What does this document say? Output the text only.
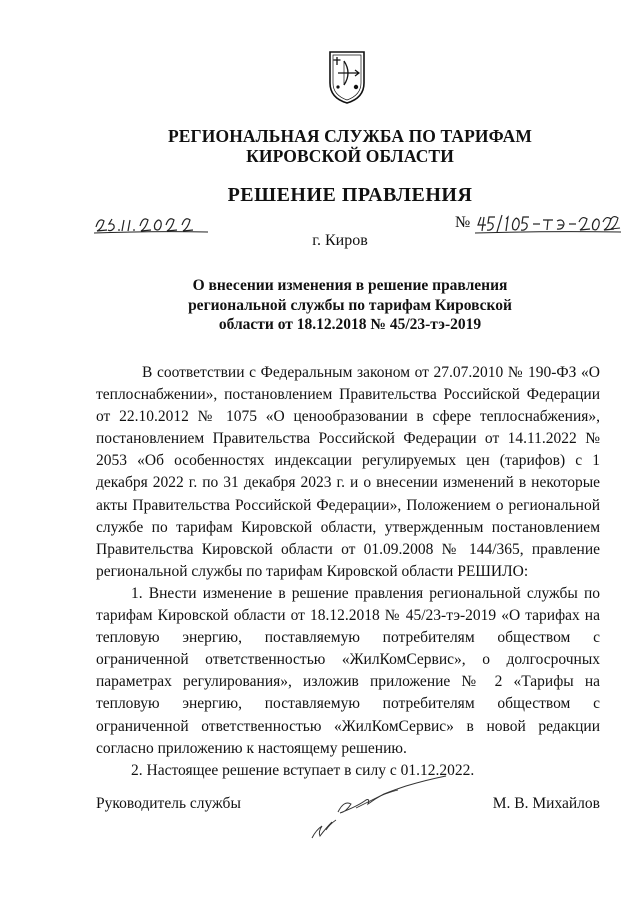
РЕГИОНАЛЬНАЯ СЛУЖБА ПО ТАРИФАМ
КИРОВСКОЙ ОБЛАСТИ
РЕШЕНИЕ ПРАВЛЕНИЯ
№
г. Киров
О внесении изменения в решение правления
региональной службы по тарифам Кировской
области от 18.12.2018 № 45/23-тэ-2019

В соответствии с Федеральным законом от 27.07.2010 № 190-ФЗ «О теплоснабжении», постановлением Правительства Российской Федерации от 22.10.2012 № 1075 «О ценообразовании в сфере теплоснабжения», постановлением Правительства Российской Федерации от 14.11.2022 № 2053 «Об особенностях индексации регулируемых цен (тарифов) с 1 декабря 2022 г. по 31 декабря 2023 г. и о внесении изменений в некоторые акты Правительства Российской Федерации», Положением о региональной службе по тарифам Кировской области, утвержденным постановлением Правительства Кировской области от 01.09.2008 № 144/365, правление региональной службы по тарифам Кировской области РЕШИЛО:

1. Внести изменение в решение правления региональной службы по тарифам Кировской области от 18.12.2018 № 45/23-тэ-2019 «О тарифах на тепловую энергию, поставляемую потребителям обществом с ограниченной ответственностью «ЖилКомСервис», о долгосрочных параметрах регулирования», изложив приложение № 2 «Тарифы на тепловую энергию, поставляемую потребителям обществом с ограниченной ответственностью «ЖилКомСервис» в новой редакции согласно приложению к настоящему решению.

2. Настоящее решение вступает в силу с 01.12.2022.

Руководитель службы	М. В. Михайлов
